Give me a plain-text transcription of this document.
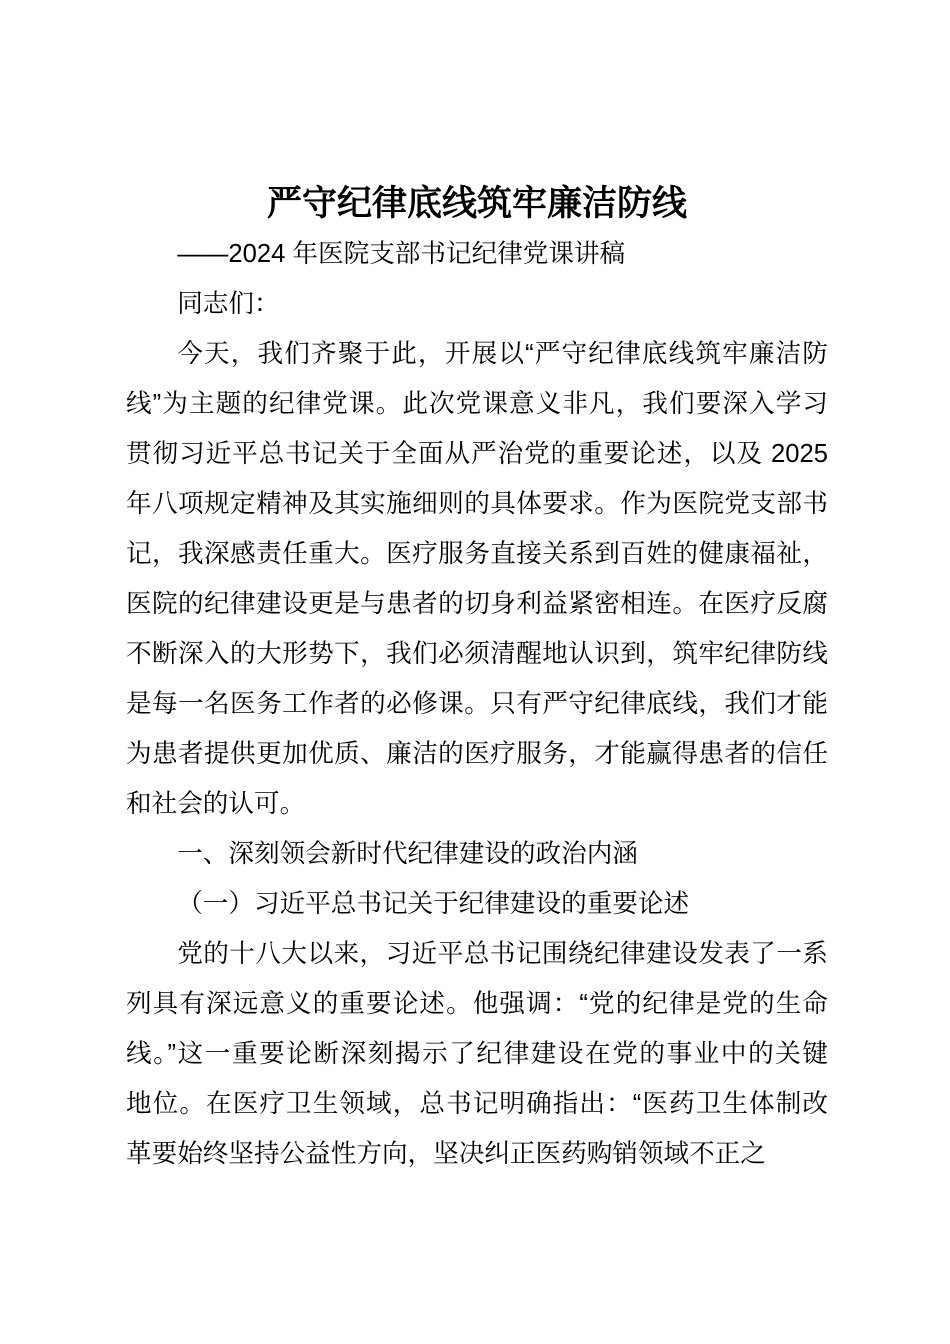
严守纪律底线筑牢廉洁防线

——2024 年医院支部书记纪律党课讲稿

同志们：
今天，我们齐聚于此，开展以“严守纪律底线筑牢廉洁防
线”为主题的纪律党课。此次党课意义非凡，我们要深入学习
贯彻习近平总书记关于全面从严治党的重要论述，以及 2025
年八项规定精神及其实施细则的具体要求。作为医院党支部书
记，我深感责任重大。医疗服务直接关系到百姓的健康福祉，
医院的纪律建设更是与患者的切身利益紧密相连。在医疗反腐
不断深入的大形势下，我们必须清醒地认识到，筑牢纪律防线
是每一名医务工作者的必修课。只有严守纪律底线，我们才能
为患者提供更加优质、廉洁的医疗服务，才能赢得患者的信任
和社会的认可。
一、深刻领会新时代纪律建设的政治内涵
（一）习近平总书记关于纪律建设的重要论述
党的十八大以来，习近平总书记围绕纪律建设发表了一系
列具有深远意义的重要论述。他强调：“党的纪律是党的生命
线。”这一重要论断深刻揭示了纪律建设在党的事业中的关键
地位。在医疗卫生领域，总书记明确指出：“医药卫生体制改
革要始终坚持公益性方向，坚决纠正医药购销领域不正之
